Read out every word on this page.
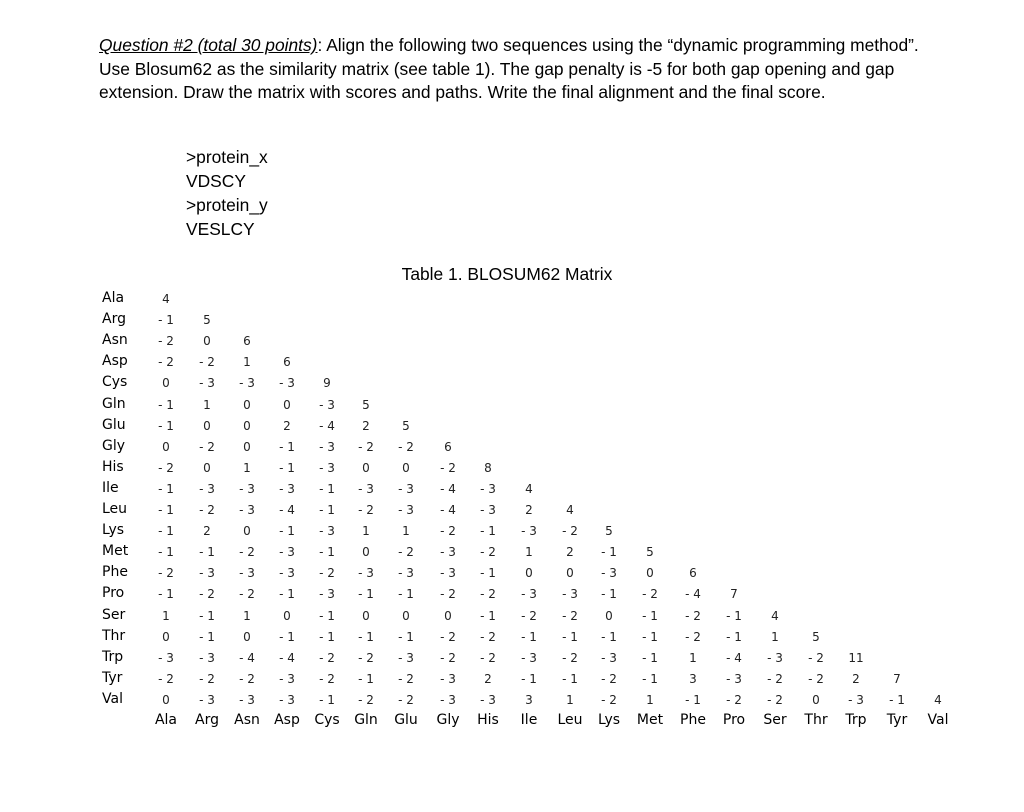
Question #2 (total 30 points): Align the following two sequences using the “dynamic programming method”. Use Blosum62 as the similarity matrix (see table 1). The gap penalty is -5 for both gap opening and gap extension. Draw the matrix with scores and paths. Write the final alignment and the final score.
>protein_x
VDSCY
>protein_y
VESLCY
Table 1. BLOSUM62 Matrix
Ala	4
Arg	- 1	5
Asn	- 2	0	6
Asp	- 2	- 2	1	6
Cys	0	- 3	- 3	- 3	9
Gln	- 1	1	0	0	- 3	5
Glu	- 1	0	0	2	- 4	2	5
Gly	0	- 2	0	- 1	- 3	- 2	- 2	6
His	- 2	0	1	- 1	- 3	0	0	- 2	8
Ile	- 1	- 3	- 3	- 3	- 1	- 3	- 3	- 4	- 3	4
Leu	- 1	- 2	- 3	- 4	- 1	- 2	- 3	- 4	- 3	2	4
Lys	- 1	2	0	- 1	- 3	1	1	- 2	- 1	- 3	- 2	5
Met	- 1	- 1	- 2	- 3	- 1	0	- 2	- 3	- 2	1	2	- 1	5
Phe	- 2	- 3	- 3	- 3	- 2	- 3	- 3	- 3	- 1	0	0	- 3	0	6
Pro	- 1	- 2	- 2	- 1	- 3	- 1	- 1	- 2	- 2	- 3	- 3	- 1	- 2	- 4	7
Ser	1	- 1	1	0	- 1	0	0	0	- 1	- 2	- 2	0	- 1	- 2	- 1	4
Thr	0	- 1	0	- 1	- 1	- 1	- 1	- 2	- 2	- 1	- 1	- 1	- 1	- 2	- 1	1	5
Trp	- 3	- 3	- 4	- 4	- 2	- 2	- 3	- 2	- 2	- 3	- 2	- 3	- 1	1	- 4	- 3	- 2	11
Tyr	- 2	- 2	- 2	- 3	- 2	- 1	- 2	- 3	2	- 1	- 1	- 2	- 1	3	- 3	- 2	- 2	2	7
Val	0	- 3	- 3	- 3	- 1	- 2	- 2	- 3	- 3	3	1	- 2	1	- 1	- 2	- 2	0	- 3	- 1	4
Ala	Arg	Asn	Asp	Cys	Gln	Glu	Gly	His	Ile	Leu	Lys	Met	Phe	Pro	Ser	Thr	Trp	Tyr	Val
